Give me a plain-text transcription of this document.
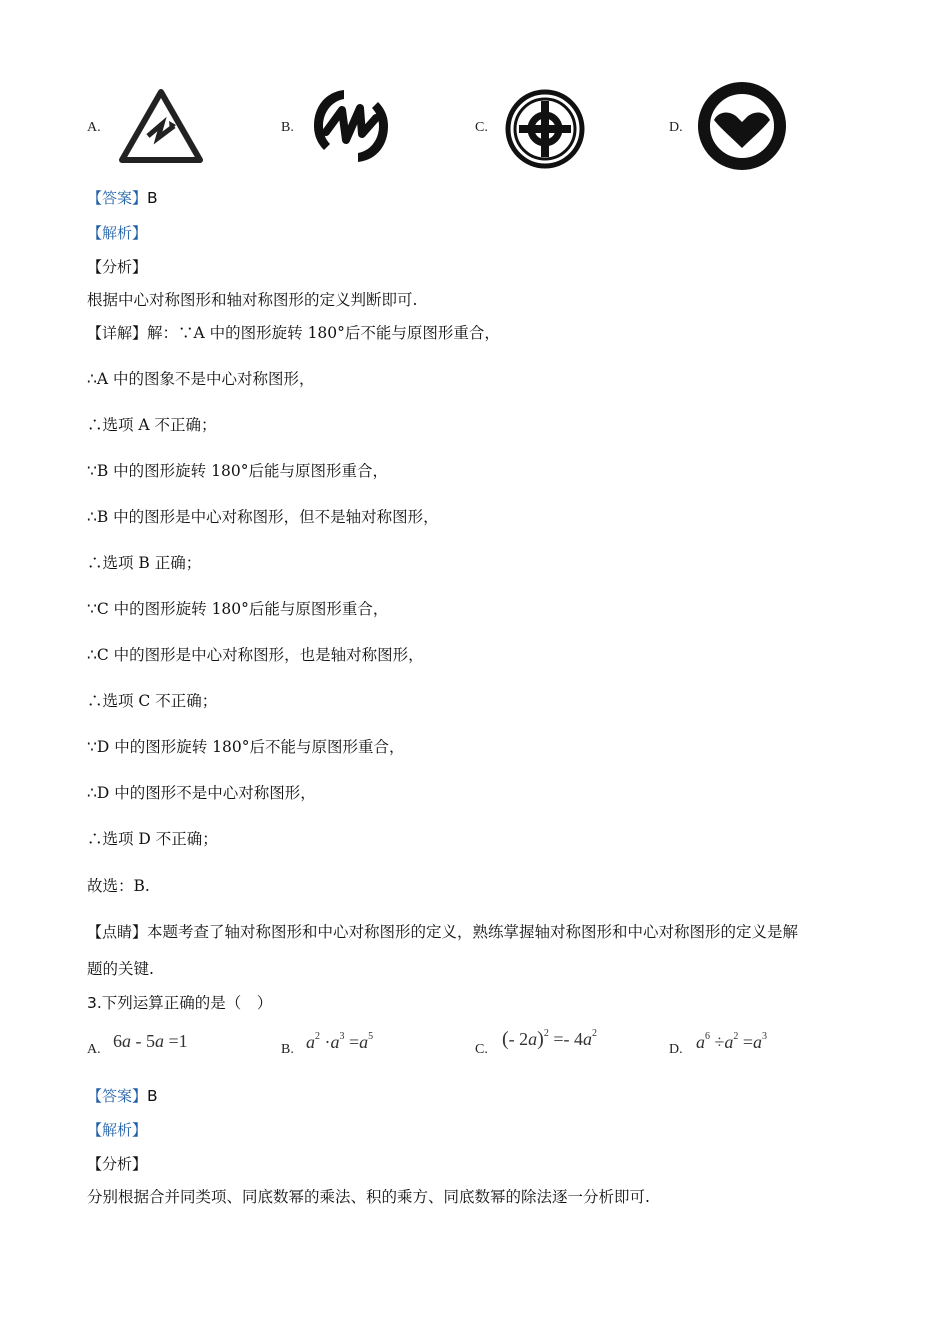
A.	B.	C.	D.
【答案】B
【解析】
【分析】
根据中心对称图形和轴对称图形的定义判断即可.
【详解】解：∵A 中的图形旋转 180°后不能与原图形重合，
∴A 中的图象不是中心对称图形，
∴选项 A 不正确；
∵B 中的图形旋转 180°后能与原图形重合，
∴B 中的图形是中心对称图形，但不是轴对称图形，
∴选项 B 正确；
∵C 中的图形旋转 180°后能与原图形重合，
∴C 中的图形是中心对称图形，也是轴对称图形，
∴选项 C 不正确；
∵D 中的图形旋转 180°后不能与原图形重合，
∴D 中的图形不是中心对称图形，
∴选项 D 不正确；
故选：B.
【点睛】本题考查了轴对称图形和中心对称图形的定义，熟练掌握轴对称图形和中心对称图形的定义是解
题的关键.
3.下列运算正确的是（　）
A. 6a - 5a =1	B. $a^2 \cdot a^3 =a^5$
C. (- $2a)^2 =- 4a^2$
D. $a^6 \div a^2 =a^3$
【答案】B
【解析】
【分析】
分别根据合并同类项、同底数幂的乘法、积的乘方、同底数幂的除法逐一分析即可.
